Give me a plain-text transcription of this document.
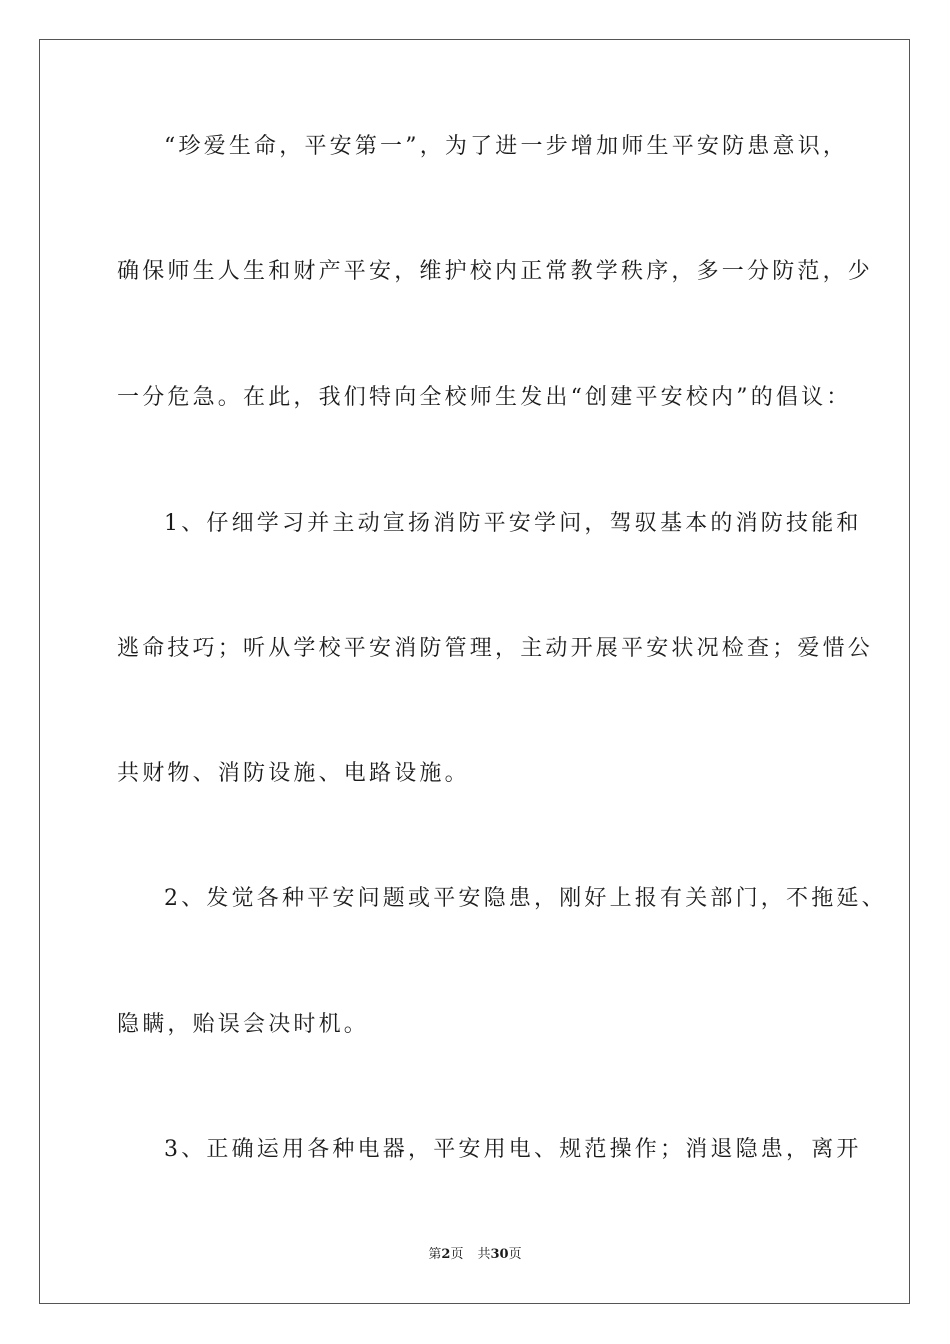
“珍爱生命，平安第一”，为了进一步增加师生平安防患意识，
确保师生人生和财产平安，维护校内正常教学秩序，多一分防范，少
一分危急。在此，我们特向全校师生发出“创建平安校内”的倡议：
1、仔细学习并主动宣扬消防平安学问，驾驭基本的消防技能和
逃命技巧；听从学校平安消防管理，主动开展平安状况检查；爱惜公
共财物、消防设施、电路设施。
2、发觉各种平安问题或平安隐患，刚好上报有关部门，不拖延、
隐瞒，贻误会决时机。
3、正确运用各种电器，平安用电、规范操作；消退隐患，离开
第2页 共30页
